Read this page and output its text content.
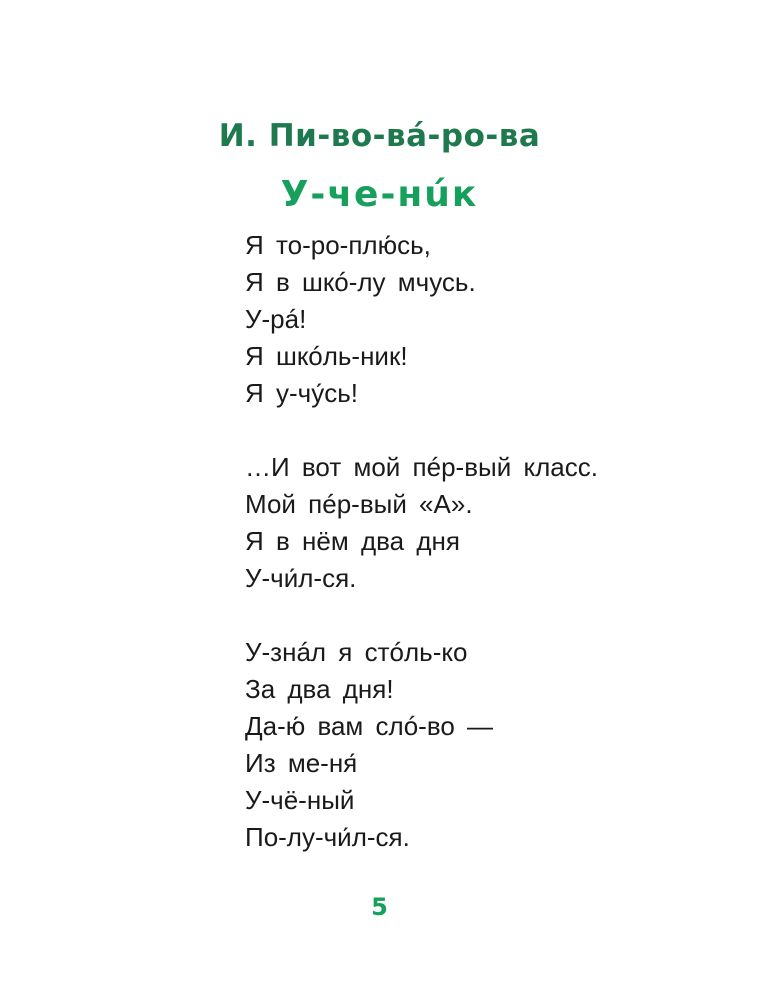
И. Пи-во-вá-ро-ва
У-че-нúк
Я то-ро-плю́сь,
Я в шкó-лу мчусь.
У-рá!
Я шкóль-ник!
Я у-чу́сь!
…И вот мой пéр-вый класс.
Мой пéр-вый «А».
Я в нём два дня
У-чи́л-ся.
У-знáл я стóль-ко
За два дня!
Да-ю́ вам слó-во —
Из ме-ня́
У-чё-ный
По-лу-чи́л-ся.
5
